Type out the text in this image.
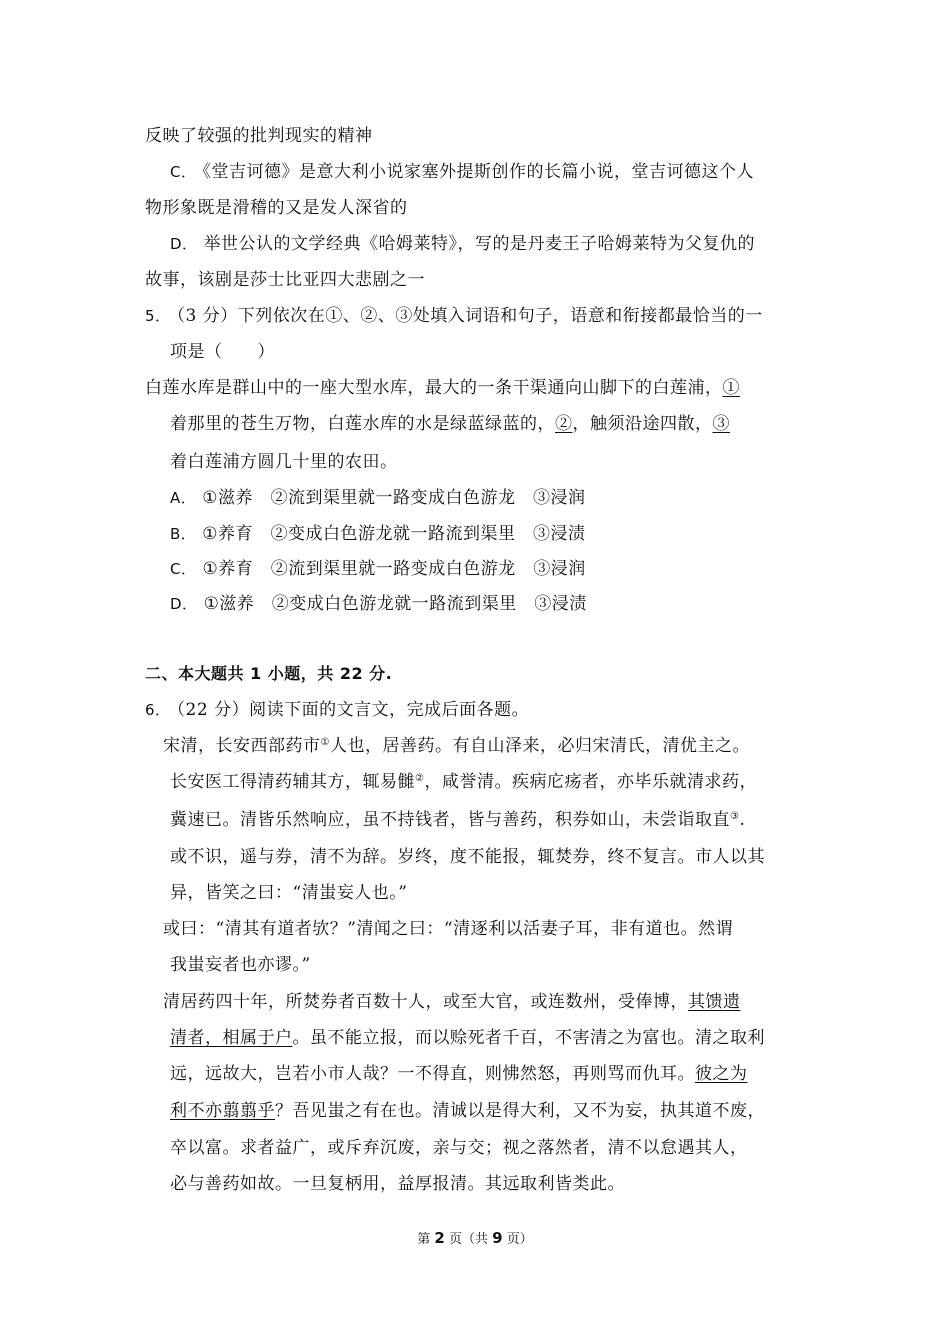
反映了较强的批判现实的精神
C． 《堂吉诃德》是意大利小说家塞外提斯创作的长篇小说，堂吉诃德这个人
物形象既是滑稽的又是发人深省的
D． 举世公认的文学经典《哈姆莱特》，写的是丹麦王子哈姆莱特为父复仇的
故事，该剧是莎士比亚四大悲剧之一
5． （3 分）下列依次在①、②、③处填入词语和句子，语意和衔接都最恰当的一
项是（　　）
白莲水库是群山中的一座大型水库，最大的一条干渠通向山脚下的白莲浦，①
着那里的苍生万物，白莲水库的水是绿蓝绿蓝的，②，触须沿途四散，③
着白莲浦方圆几十里的农田。
A． ①滋养　②流到渠里就一路变成白色游龙　③浸润
B． ①养育　②变成白色游龙就一路流到渠里　③浸渍
C． ①养育　②流到渠里就一路变成白色游龙　③浸润
D． ①滋养　②变成白色游龙就一路流到渠里　③浸渍
二、本大题共 1 小题，共 22 分.
6． （22 分）阅读下面的文言文，完成后面各题。
宋清，长安西部药市①人也，居善药。有自山泽来，必归宋清氏，清优主之。
长安医工得清药辅其方，辄易雠②，咸誉清。疾病庀疡者，亦毕乐就清求药，
冀速已。清皆乐然响应，虽不持钱者，皆与善药，积券如山，未尝诣取直③.
或不识，遥与券，清不为辞。岁终，度不能报，辄焚券，终不复言。市人以其
异，皆笑之曰：“清蚩妄人也。”
或曰：“清其有道者欤？”清闻之曰：“清逐利以活妻子耳，非有道也。然谓
我蚩妄者也亦谬。”
清居药四十年，所焚券者百数十人，或至大官，或连数州，受俸博，其馈遗
清者，相属于户。虽不能立报，而以赊死者千百，不害清之为富也。清之取利
远，远故大，岂若小市人哉？一不得直，则怫然怒，再则骂而仇耳。彼之为
利不亦翦翦乎？吾见蚩之有在也。清诚以是得大利，又不为妄，执其道不废，
卒以富。求者益广，或斥弃沉废，亲与交；视之落然者，清不以怠遇其人，
必与善药如故。一旦复柄用，益厚报清。其远取利皆类此。
第 2 页（共 9 页）
